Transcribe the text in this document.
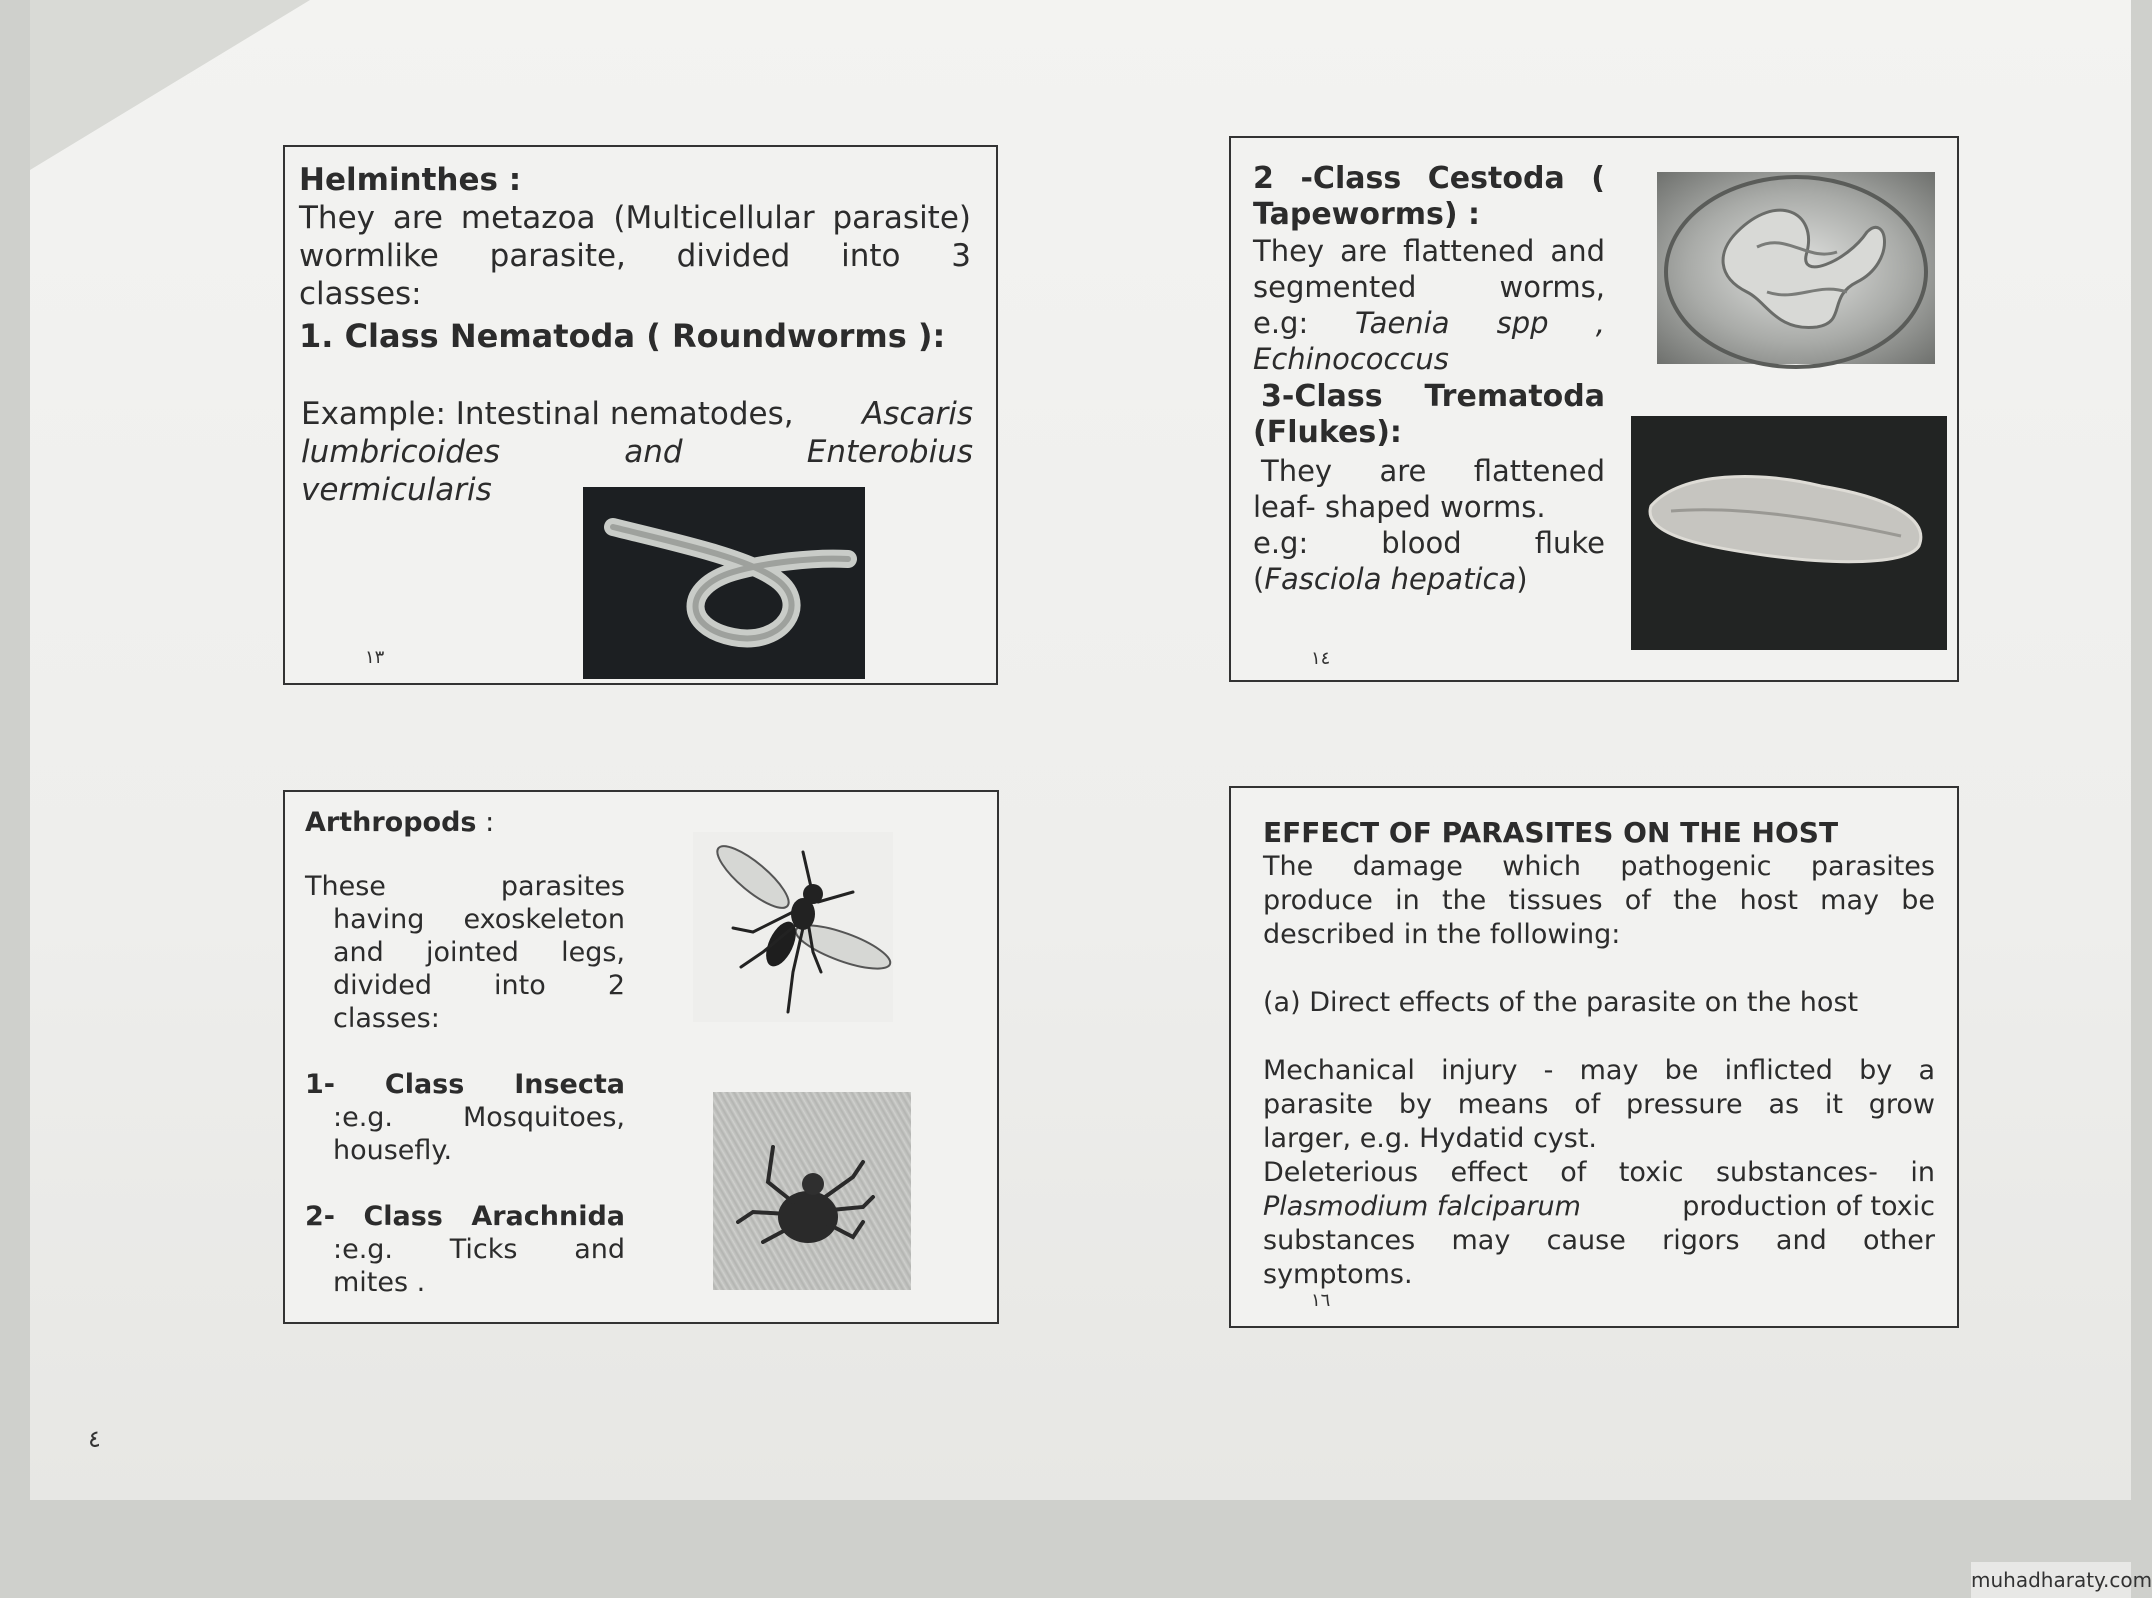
Helminthes :
They are metazoa (Multicellular parasite)
wormlike parasite, divided into 3
classes:
1. Class Nematoda ( Roundworms ):
Example: Intestinal nematodes, Ascaris
lumbricoides	and	Enterobius
vermicularis
١٣
2 -Class Cestoda (
Tapeworms) :
They are flattened and
segmented worms,
e.g: Taenia spp ,
Echinococcus
3-Class Trematoda
(Flukes):
They are flattened
leaf- shaped worms.
e.g: blood fluke
(Fasciola hepatica)
١٤
Arthropods :
These parasites
having exoskeleton
and jointed legs,
divided into 2
classes:
1- Class Insecta
:e.g. Mosquitoes,
housefly.
2- Class Arachnida
:e.g. Ticks and
mites .
EFFECT OF PARASITES ON THE HOST
The damage which pathogenic parasites
produce in the tissues of the host may be
described in the following:
(a) Direct effects of the parasite on the host
Mechanical injury - may be inflicted by a
parasite by means of pressure as it grow
larger, e.g. Hydatid cyst.
Deleterious effect of toxic substances- in
Plasmodium falciparum	production of toxic
substances may cause rigors and other
symptoms.
١٦
٤
muhadharaty.com
